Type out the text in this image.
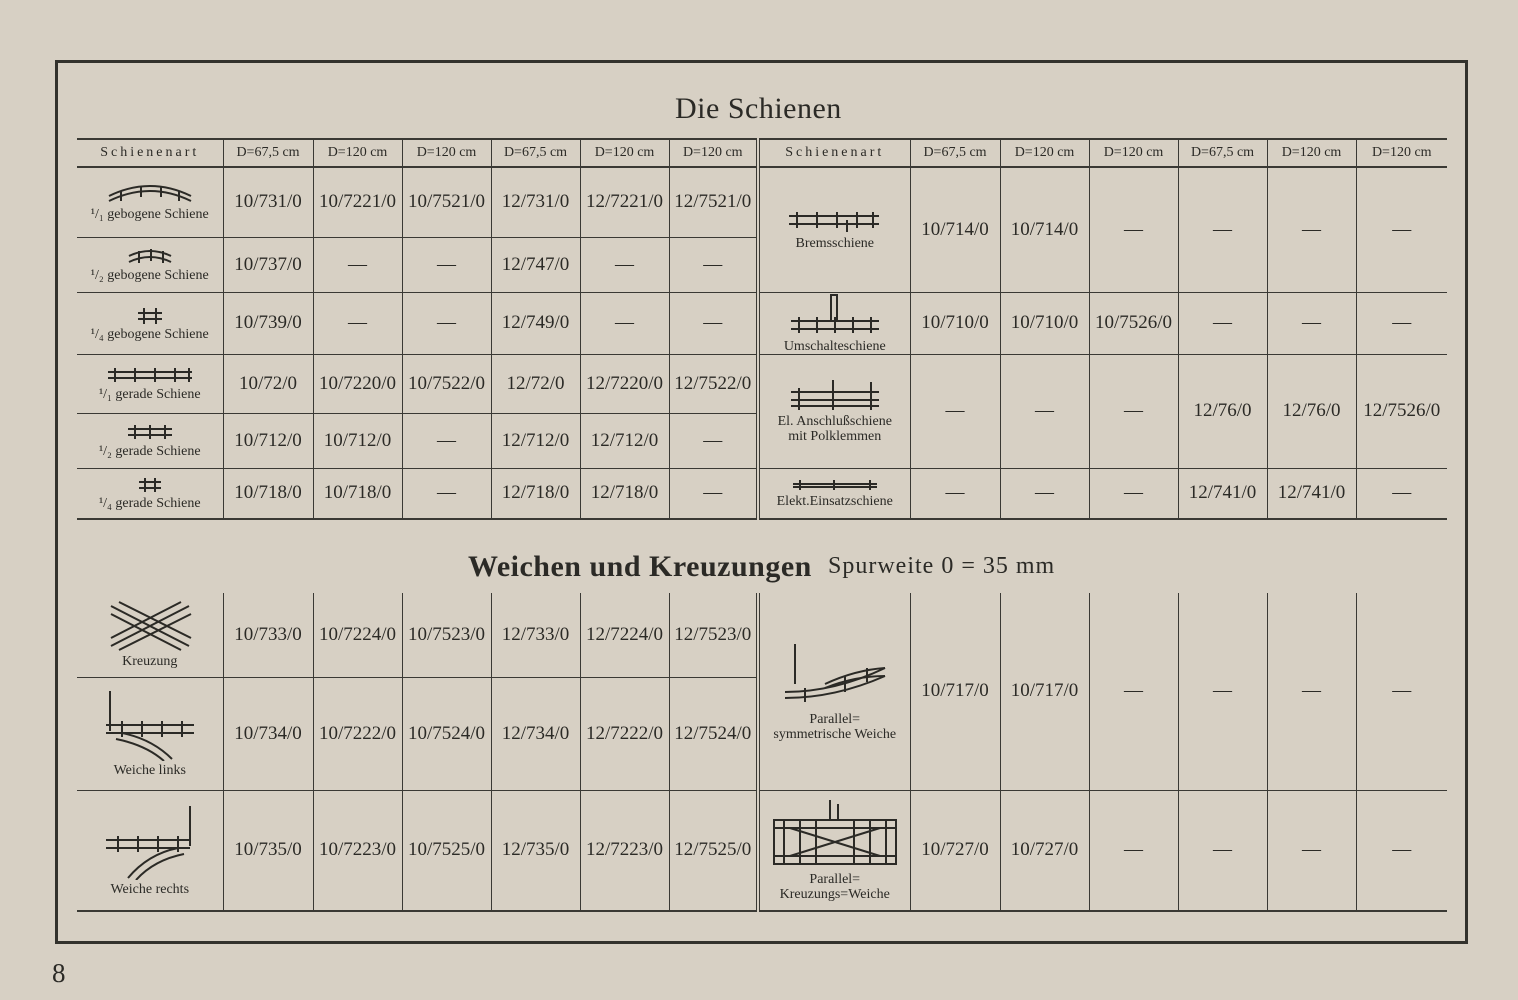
Die Schienen
Schienenart	D=67,5 cm	D=120 cm	D=120 cm	D=67,5 cm	D=120 cm	D=120 cm	Schienenart	D=67,5 cm	D=120 cm	D=120 cm	D=67,5 cm	D=120 cm	D=120 cm

¹/₁ gebogene Schiene	10/731/0	10/7221/0	10/7521/0	12/731/0	12/7221/0	12/7521/0	Bremsschiene	10/714/0	10/714/0	—	—	—	—

¹/₂ gebogene Schiene	10/737/0	—	—	12/747/0	—	—							

¹/₄ gebogene Schiene	10/739/0	—	—	12/749/0	—	—	Umschalteschiene	10/710/0	10/710/0	10/7526/0	—	—	—

¹/₁ gerade Schiene	10/72/0	10/7220/0	10/7522/0	12/72/0	12/7220/0	12/7522/0	El. Anschlußschiene
mit Polklemmen	—	—	—	12/76/0	12/76/0	12/7526/0

¹/₂ gerade Schiene	10/712/0	10/712/0	—	12/712/0	12/712/0	—							

¹/₄ gerade Schiene	10/718/0	10/718/0	—	12/718/0	12/718/0	—	Elekt.Einsatzschiene	—	—	—	12/741/0	12/741/0	—
Weichen und Kreuzungen Spurweite 0 = 35 mm
Kreuzung	10/733/0	10/7224/0	10/7523/0	12/733/0	12/7224/0	12/7523/0	Parallel=
symmetrische Weiche	10/717/0	10/717/0	—	—	—	—

Weiche links	10/734/0	10/7222/0	10/7524/0	12/734/0	12/7222/0	12/7524/0							

Weiche rechts	10/735/0	10/7223/0	10/7525/0	12/735/0	12/7223/0	12/7525/0	Parallel=
Kreuzungs=Weiche	10/727/0	10/727/0	—	—	—	—
8
